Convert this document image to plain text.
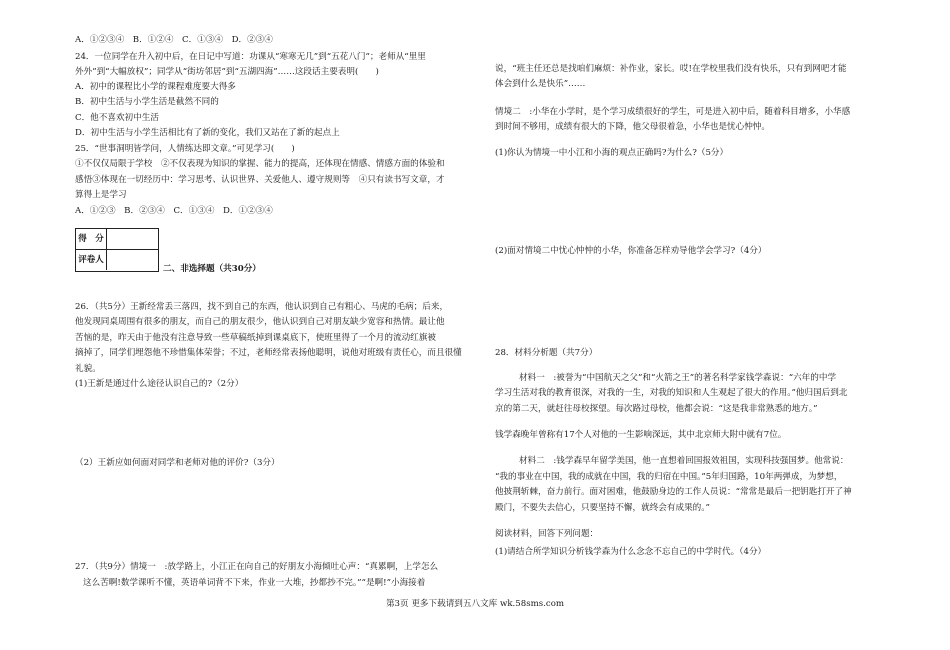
A．①②③④　B．①②④　C．①③④　D．②③④

24．一位同学在升入初中后，在日记中写道：功课从“寒寒无几”到“五花八门”；老师从“里里

外外”到“大幅放权”；同学从“街坊邻居”到“五湖四海”……这段话主要表明(　　)

A．初中的课程比小学的课程难度要大得多

B．初中生活与小学生活是截然不同的

C．他不喜欢初中生活

D．初中生活与小学生活相比有了新的变化，我们又站在了新的起点上

25．“世事洞明皆学问，人情练达即文章。”可见学习(　　)

①不仅仅局限于学校　②不仅表现为知识的掌握、能力的提高，还体现在情感、情感方面的体验和

感悟③体现在一切经历中：学习思考、认识世界、关爱他人、遵守规则等　④只有读书写文章，才

算得上是学习

A．①②③　B．②③④　C．①③④　D．①②③④

得　分
评卷人

二、非选择题（共30分）

26．（共5分）王新经常丢三落四，找不到自己的东西，他认识到自己有粗心、马虎的毛病；后来，

他发现同桌周围有很多的朋友，而自己的朋友很少，他认识到自己对朋友缺少宽容和热情。最让他

苦恼的是，昨天由于他没有注意导致一些草稿纸掉到课桌底下，使班里得了一个月的流动红旗被

摘掉了，同学们埋怨他不珍惜集体荣誉；不过，老师经常表扬他聪明，说他对班级有责任心，而且很懂

礼貌。

(1)王新是通过什么途径认识自己的?（2分）

（2）王新应如何面对同学和老师对他的评价?（3分）

27．（共9分）情境一　:放学路上，小江正在向自己的好朋友小海倾吐心声：“真累啊，上学怎么

这么苦啊!数学课听不懂，英语单词背不下来，作业一大堆，抄都抄不完。”“是啊!”小海接着

说，“班主任还总是找咱们麻烦：补作业，家长。哎!在学校里我们没有快乐，只有到网吧才能

体会到什么是快乐”……

情境二　:小华在小学时，是个学习成绩很好的学生，可是进入初中后，随着科目增多，小华感

到时间不够用，成绩有很大的下降，他父母很着急，小华也是忧心忡忡。

(1)你认为情境一中小江和小海的观点正确吗?为什么?（5分）

(2)面对情境二中忧心忡忡的小华，你准备怎样劝导他学会学习?（4分）

28．材料分析题（共7分）

材料一　:被誉为“中国航天之父”和“火箭之王”的著名科学家钱学森说：“六年的中学

学习生活对我的教育很深，对我的一生，对我的知识和人生观起了很大的作用。”他归国后到北

京的第二天，就赶往母校探望。每次路过母校，他都会说：“这是我非常熟悉的地方。”

钱学森晚年曾称有17个人对他的一生影响深远，其中北京师大附中就有7位。

材料二　:钱学森早年留学美国，他一直想着回国报效祖国，实现科技强国梦。他常说：

“我的事业在中国，我的成就在中国，我的归宿在中国。”5年归国路，10年两弹成，为梦想，

他披荆斩棘，奋力前行。面对困难，他鼓励身边的工作人员说：“常常是最后一把钥匙打开了神

殿门，不要失去信心，只要坚持不懈，就终会有成果的。”

阅读材料，回答下列问题：

(1)请结合所学知识分析钱学森为什么念念不忘自己的中学时代。（4分）

第3页 更多下载请到五八文库 wk.58sms.com
